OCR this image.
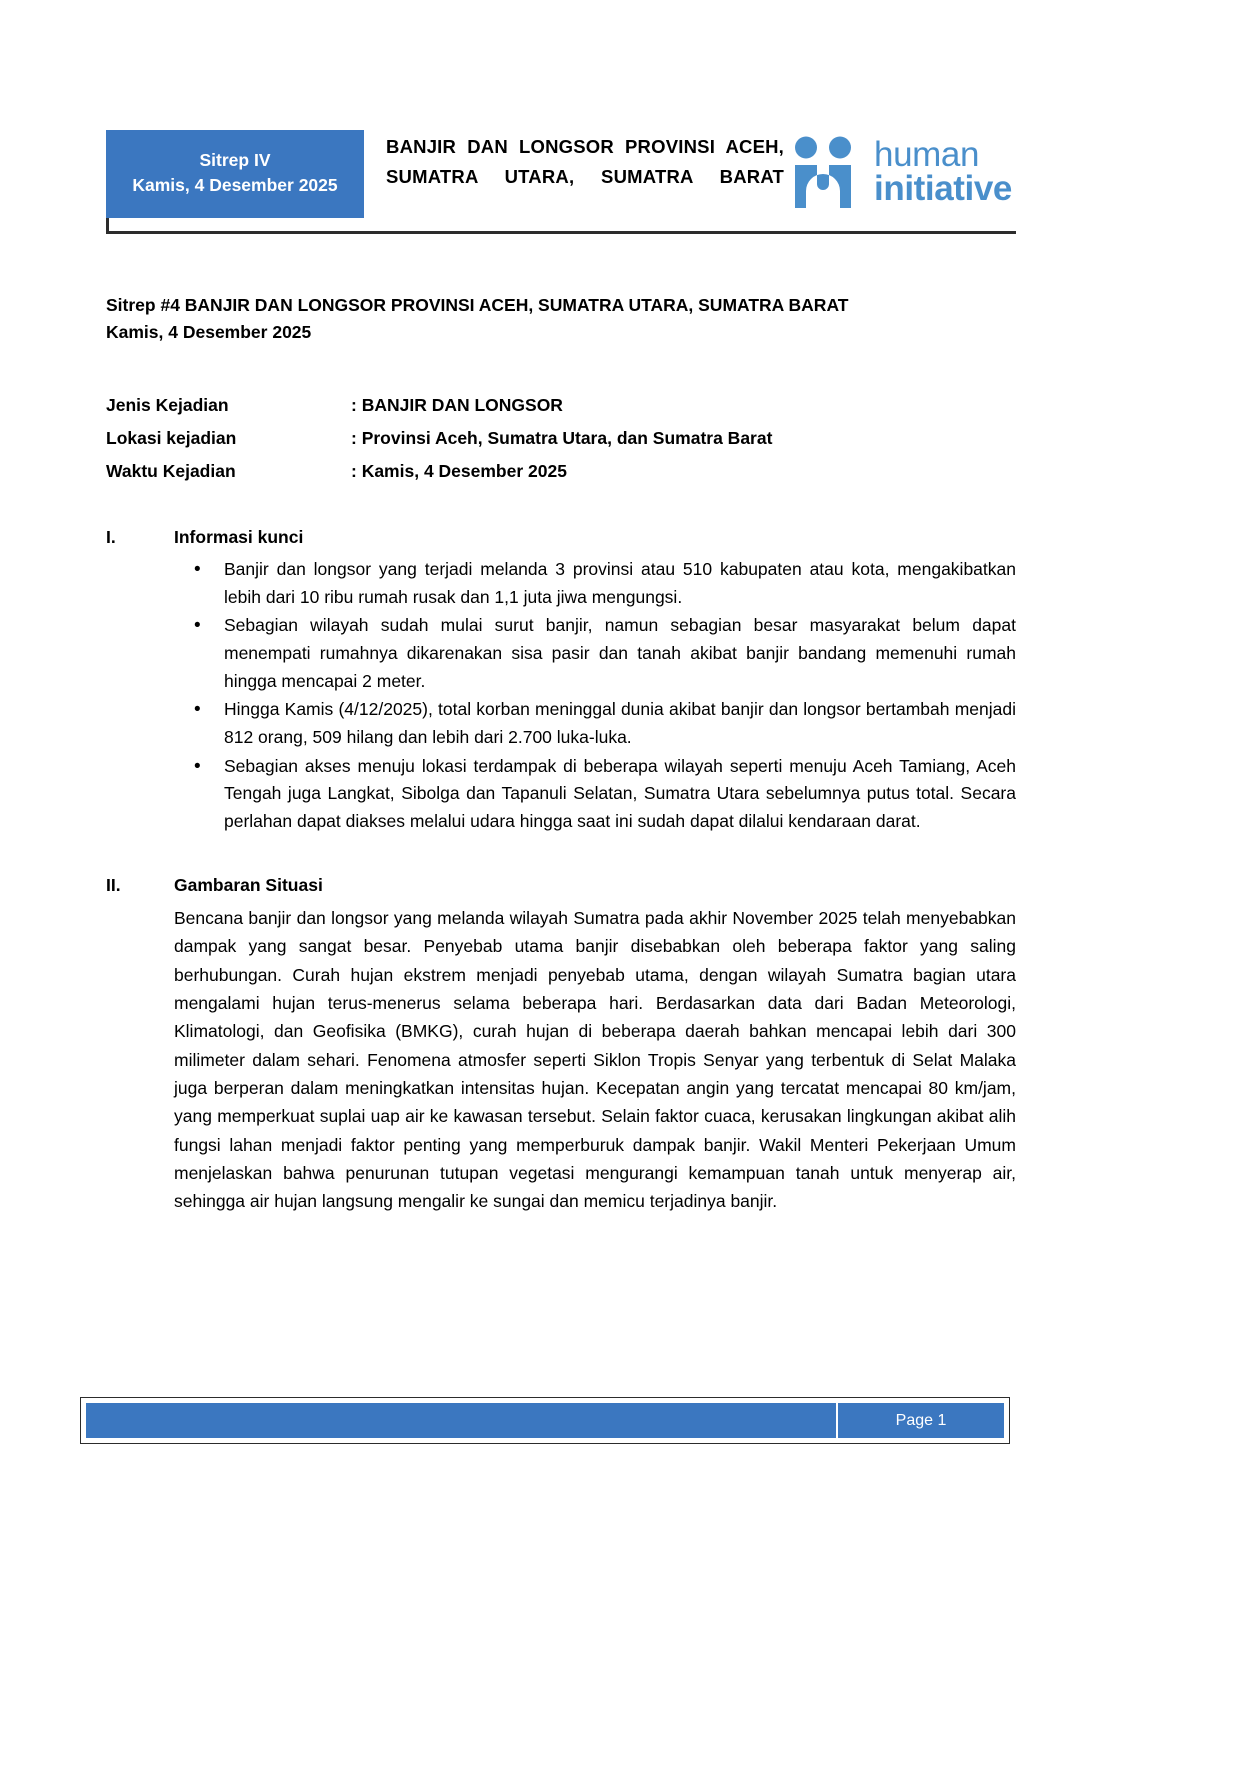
Sitrep IV
Kamis, 4 Desember 2025
BANJIR DAN LONGSOR PROVINSI ACEH, SUMATRA UTARA, SUMATRA BARAT
human
initiative
Sitrep #4 BANJIR DAN LONGSOR PROVINSI ACEH, SUMATRA UTARA, SUMATRA BARAT
Kamis, 4 Desember 2025
Jenis Kejadian	: BANJIR DAN LONGSOR
Lokasi kejadian	: Provinsi Aceh, Sumatra Utara, dan Sumatra Barat
Waktu Kejadian	: Kamis, 4 Desember 2025
I.	Informasi kunci
• Banjir dan longsor yang terjadi melanda 3 provinsi atau 510 kabupaten atau kota, mengakibatkan lebih dari 10 ribu rumah rusak dan 1,1 juta jiwa mengungsi.
• Sebagian wilayah sudah mulai surut banjir, namun sebagian besar masyarakat belum dapat menempati rumahnya dikarenakan sisa pasir dan tanah akibat banjir bandang memenuhi rumah hingga mencapai 2 meter.
• Hingga Kamis (4/12/2025), total korban meninggal dunia akibat banjir dan longsor bertambah menjadi 812 orang, 509 hilang dan lebih dari 2.700 luka-luka.
• Sebagian akses menuju lokasi terdampak di beberapa wilayah seperti menuju Aceh Tamiang, Aceh Tengah juga Langkat, Sibolga dan Tapanuli Selatan, Sumatra Utara sebelumnya putus total. Secara perlahan dapat diakses melalui udara hingga saat ini sudah dapat dilalui kendaraan darat.
II.	Gambaran Situasi
Bencana banjir dan longsor yang melanda wilayah Sumatra pada akhir November 2025 telah menyebabkan dampak yang sangat besar. Penyebab utama banjir disebabkan oleh beberapa faktor yang saling berhubungan. Curah hujan ekstrem menjadi penyebab utama, dengan wilayah Sumatra bagian utara mengalami hujan terus-menerus selama beberapa hari. Berdasarkan data dari Badan Meteorologi, Klimatologi, dan Geofisika (BMKG), curah hujan di beberapa daerah bahkan mencapai lebih dari 300 milimeter dalam sehari. Fenomena atmosfer seperti Siklon Tropis Senyar yang terbentuk di Selat Malaka juga berperan dalam meningkatkan intensitas hujan. Kecepatan angin yang tercatat mencapai 80 km/jam, yang memperkuat suplai uap air ke kawasan tersebut. Selain faktor cuaca, kerusakan lingkungan akibat alih fungsi lahan menjadi faktor penting yang memperburuk dampak banjir. Wakil Menteri Pekerjaan Umum menjelaskan bahwa penurunan tutupan vegetasi mengurangi kemampuan tanah untuk menyerap air, sehingga air hujan langsung mengalir ke sungai dan memicu terjadinya banjir.
Page 1
